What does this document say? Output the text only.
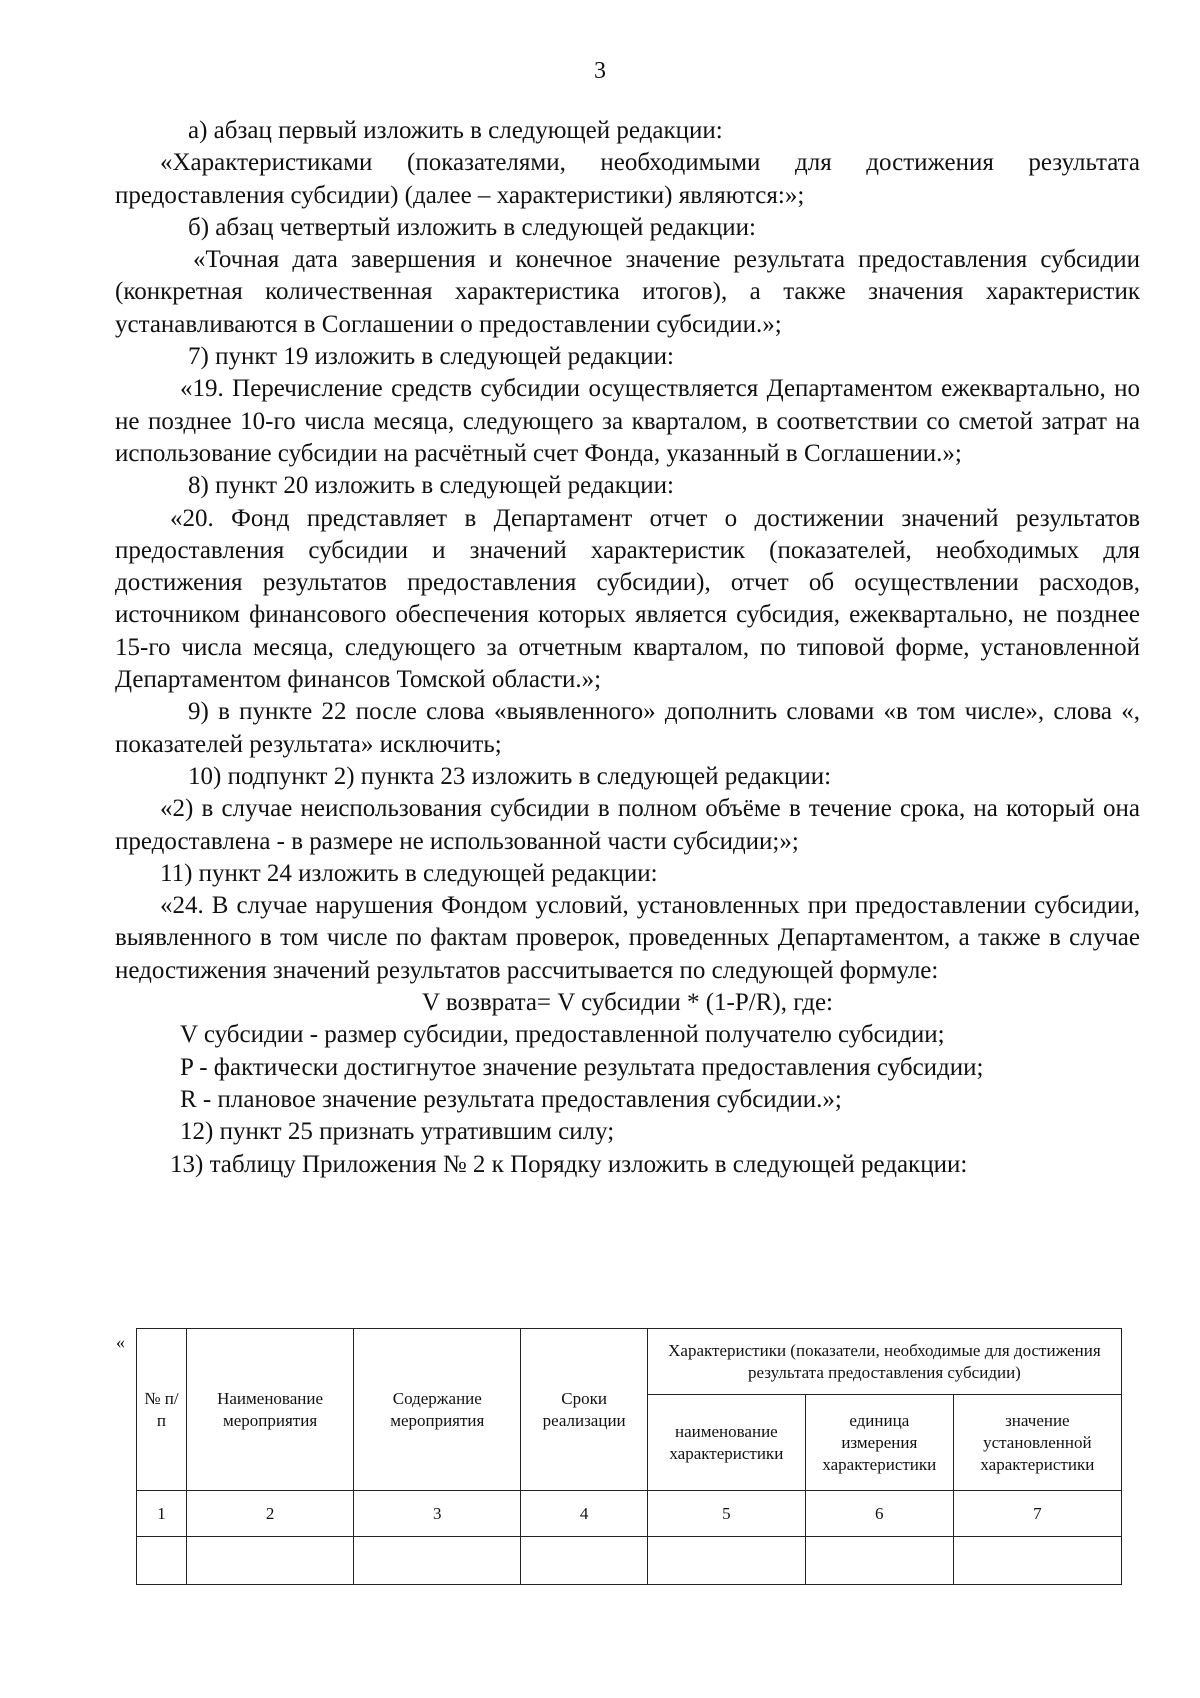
3

а) абзац первый изложить в следующей редакции:

«Характеристиками (показателями, необходимыми для достижения результата предоставления субсидии) (далее – характеристики) являются:»;

б) абзац четвертый изложить в следующей редакции:

«Точная дата завершения и конечное значение результата предоставления субсидии (конкретная количественная характеристика итогов), а также значения характеристик устанавливаются в Соглашении о предоставлении субсидии.»;

7) пункт 19 изложить в следующей редакции:

«19. Перечисление средств субсидии осуществляется Департаментом ежеквартально, но не позднее 10-го числа месяца, следующего за кварталом, в соответствии со сметой затрат на использование субсидии на расчётный счет Фонда, указанный в Соглашении.»;

8) пункт 20 изложить в следующей редакции:

«20. Фонд представляет в Департамент отчет о достижении значений результатов предоставления субсидии и значений характеристик (показателей, необходимых для достижения результатов предоставления субсидии), отчет об осуществлении расходов, источником финансового обеспечения которых является субсидия, ежеквартально, не позднее 15-го числа месяца, следующего за отчетным кварталом, по типовой форме, установленной Департаментом финансов Томской области.»;

9) в пункте 22 после слова «выявленного» дополнить словами «в том числе», слова «, показателей результата» исключить;

10) подпункт 2) пункта 23 изложить в следующей редакции:

«2) в случае неиспользования субсидии в полном объёме в течение срока, на который она предоставлена - в размере не использованной части субсидии;»;

11) пункт 24 изложить в следующей редакции:

«24. В случае нарушения Фондом условий, установленных при предоставлении субсидии, выявленного в том числе по фактам проверок, проведенных Департаментом, а также в случае недостижения значений результатов рассчитывается по следующей формуле:

V возврата= V субсидии * (1-P/R), где:

V субсидии - размер субсидии, предоставленной получателю субсидии;

P - фактически достигнутое значение результата предоставления субсидии;

R - плановое значение результата предоставления субсидии.»;

12) пункт 25 признать утратившим силу;

13) таблицу Приложения № 2 к Порядку изложить в следующей редакции:

«
№ п/п	Наименование мероприятия	Содержание мероприятия	Сроки реализации	Характеристики (показатели, необходимые для достижения результата предоставления субсидии)		
				наименование характеристики	единица измерения характеристики	значение установленной характеристики
1	2	3	4	5	6	7
